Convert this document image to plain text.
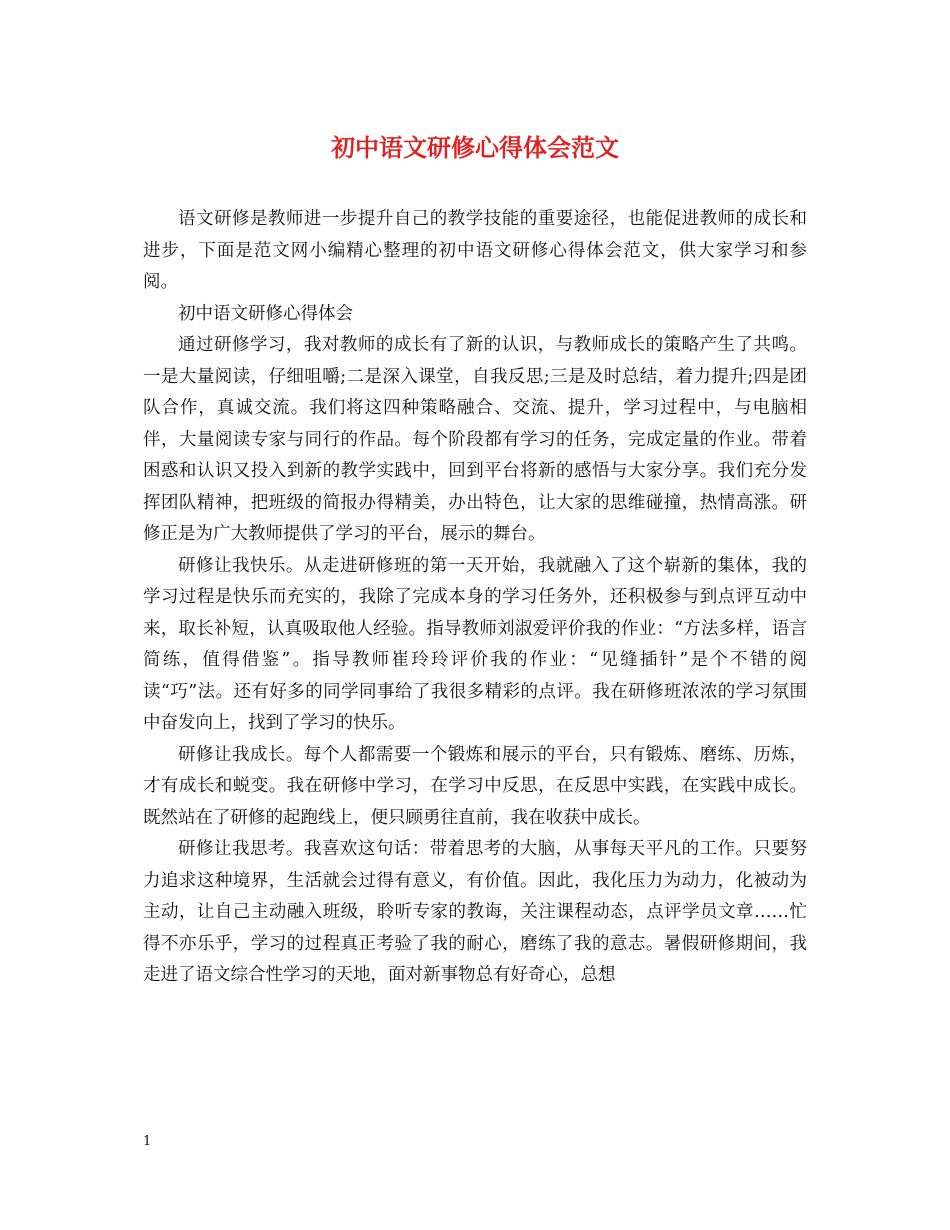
初中语文研修心得体会范文

语文研修是教师进一步提升自己的教学技能的重要途径，也能促进教师的成长和进步，下面是范文网小编精心整理的初中语文研修心得体会范文，供大家学习和参阅。

初中语文研修心得体会

通过研修学习，我对教师的成长有了新的认识，与教师成长的策略产生了共鸣。一是大量阅读，仔细咀嚼;二是深入课堂，自我反思;三是及时总结，着力提升;四是团队合作，真诚交流。我们将这四种策略融合、交流、提升，学习过程中，与电脑相伴，大量阅读专家与同行的作品。每个阶段都有学习的任务，完成定量的作业。带着困惑和认识又投入到新的教学实践中，回到平台将新的感悟与大家分享。我们充分发挥团队精神，把班级的简报办得精美，办出特色，让大家的思维碰撞，热情高涨。研修正是为广大教师提供了学习的平台，展示的舞台。

研修让我快乐。从走进研修班的第一天开始，我就融入了这个崭新的集体，我的学习过程是快乐而充实的，我除了完成本身的学习任务外，还积极参与到点评互动中来，取长补短，认真吸取他人经验。指导教师刘淑爱评价我的作业：“方法多样，语言简练，值得借鉴”。指导教师崔玲玲评价我的作业：“见缝插针”是个不错的阅读“巧”法。还有好多的同学同事给了我很多精彩的点评。我在研修班浓浓的学习氛围中奋发向上，找到了学习的快乐。

研修让我成长。每个人都需要一个锻炼和展示的平台，只有锻炼、磨练、历炼，才有成长和蜕变。我在研修中学习，在学习中反思，在反思中实践，在实践中成长。既然站在了研修的起跑线上，便只顾勇往直前，我在收获中成长。

研修让我思考。我喜欢这句话：带着思考的大脑，从事每天平凡的工作。只要努力追求这种境界，生活就会过得有意义，有价值。因此，我化压力为动力，化被动为主动，让自己主动融入班级，聆听专家的教诲，关注课程动态，点评学员文章……忙得不亦乐乎，学习的过程真正考验了我的耐心，磨练了我的意志。暑假研修期间，我走进了语文综合性学习的天地，面对新事物总有好奇心，总想

1
